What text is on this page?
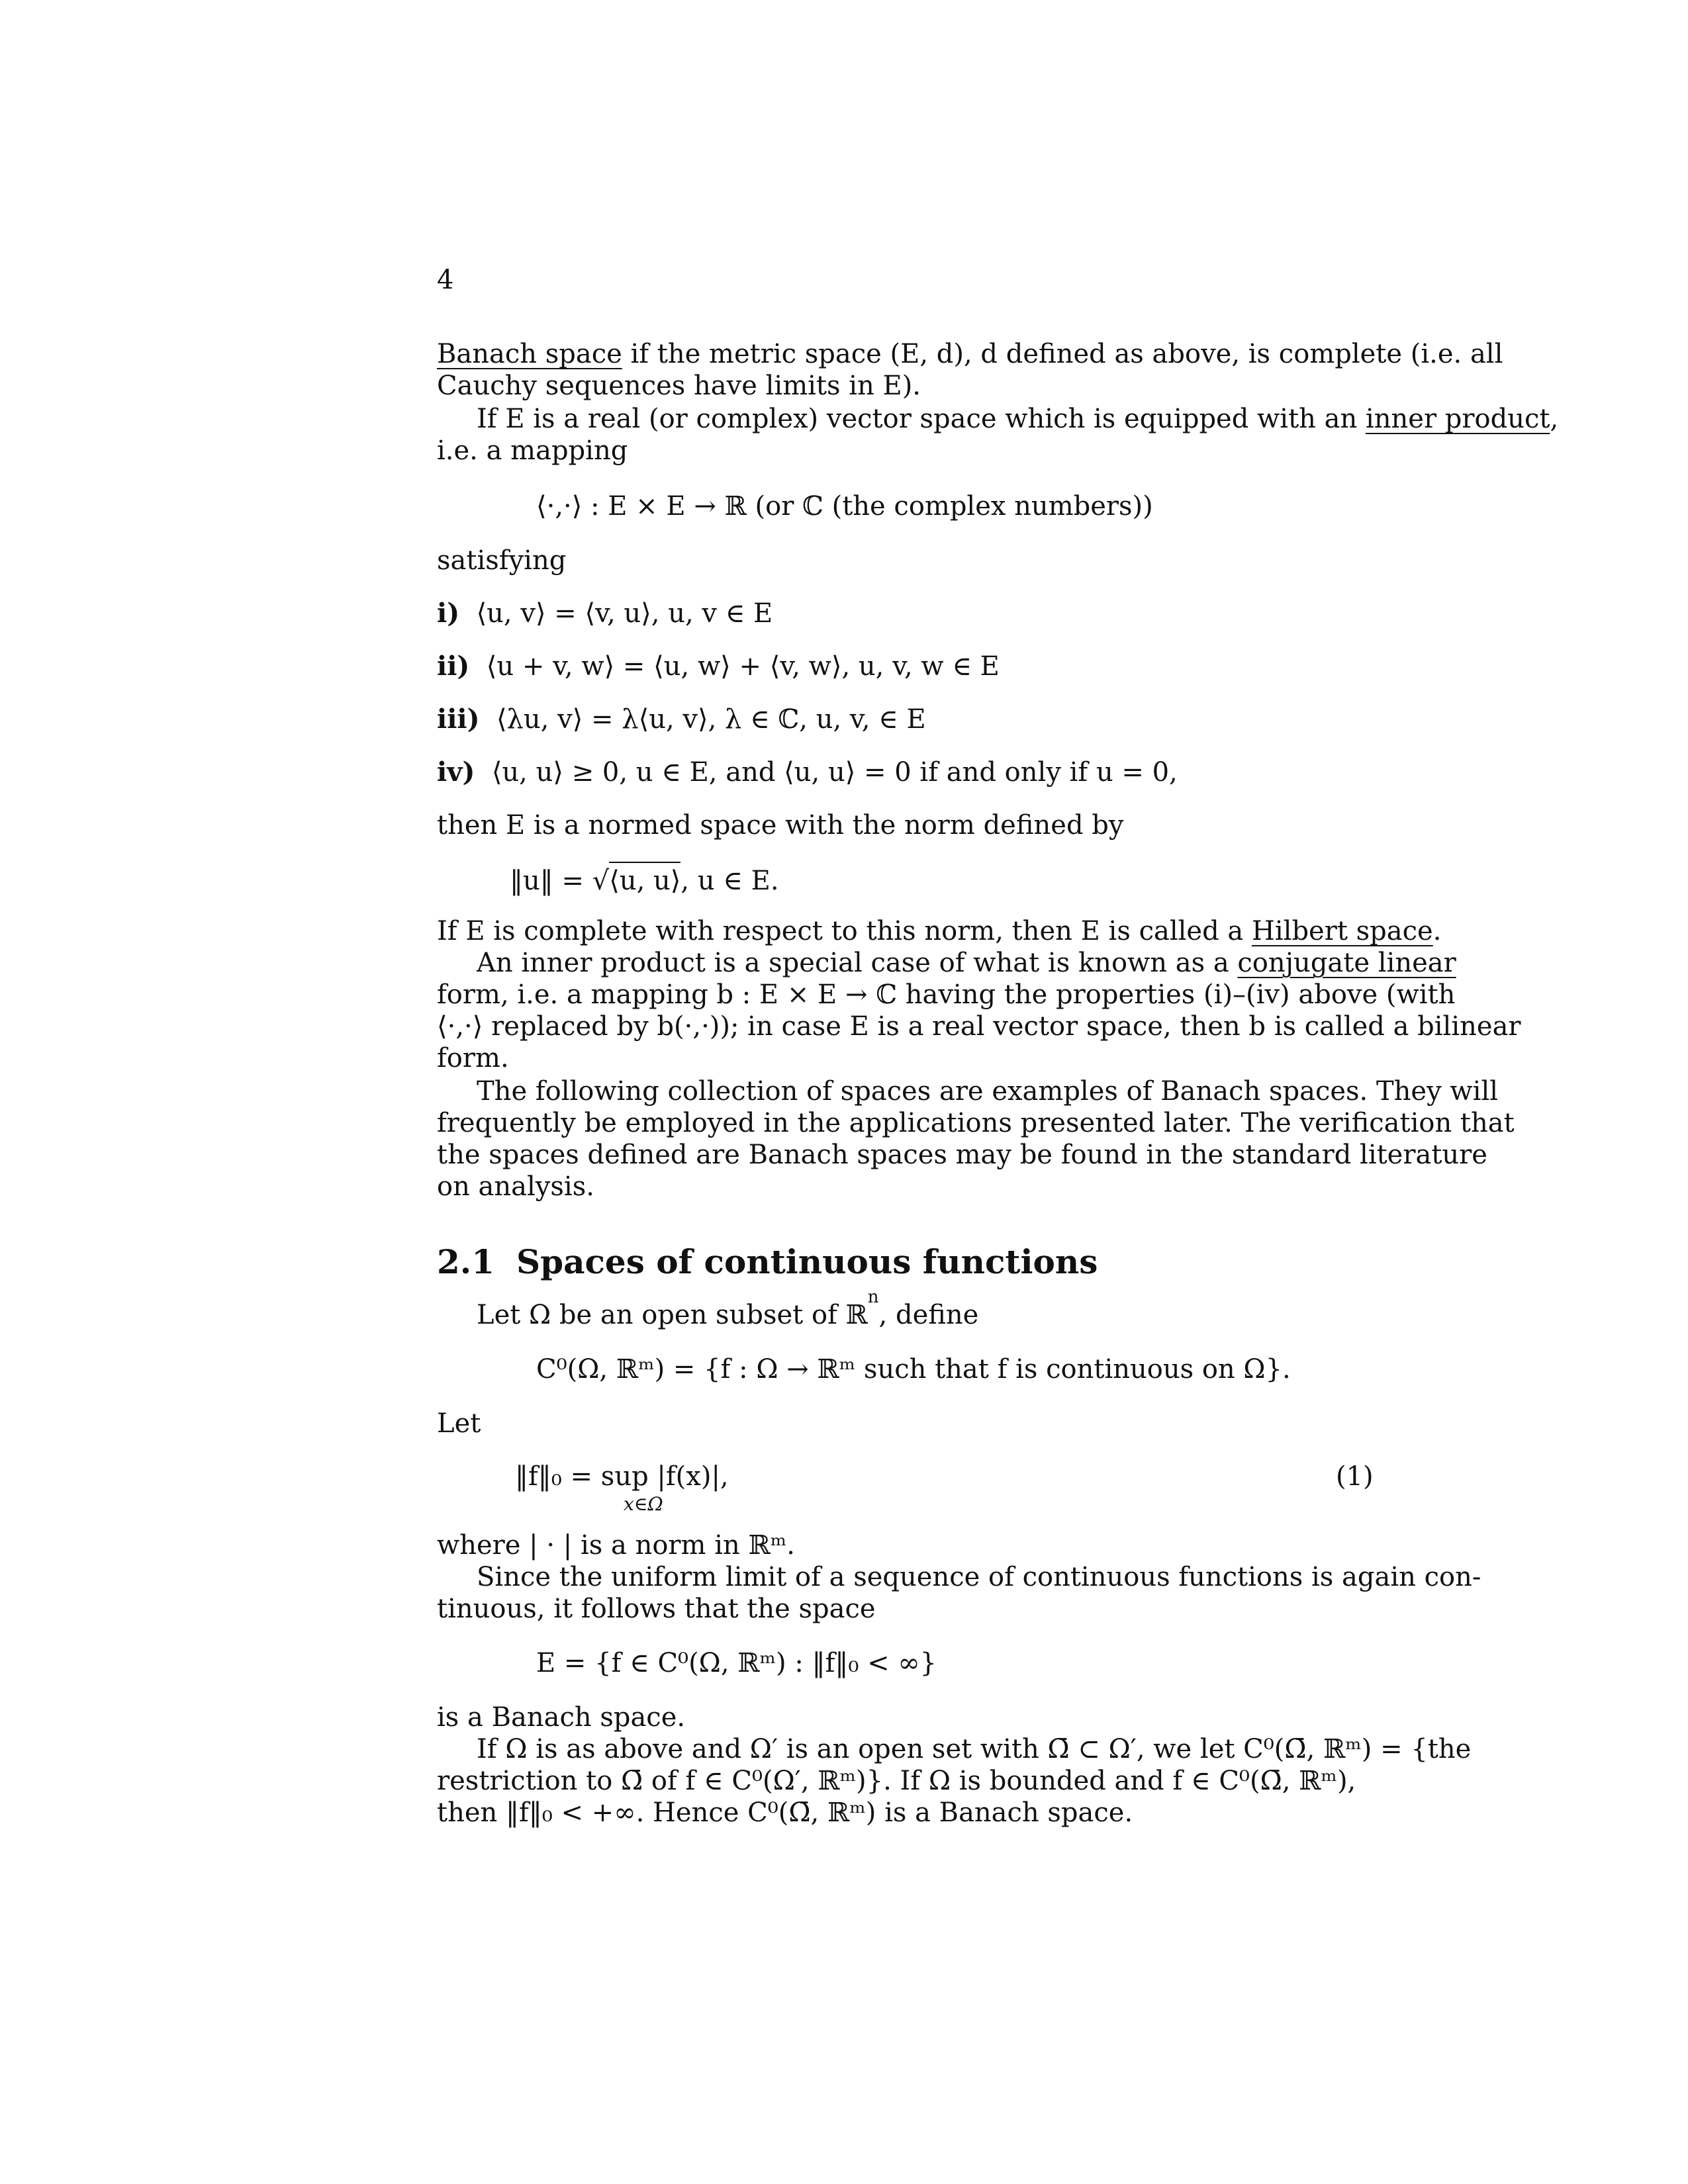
4
Banach space if the metric space (E, d), d defined as above, is complete (i.e. all
Cauchy sequences have limits in E).
If E is a real (or complex) vector space which is equipped with an inner product,
i.e. a mapping
⟨·,·⟩ : E × E → ℝ (or ℂ (the complex numbers))
satisfying
i) ⟨u, v⟩ = ⟨v, u⟩, u, v ∈ E
ii) ⟨u + v, w⟩ = ⟨u, w⟩ + ⟨v, w⟩, u, v, w ∈ E
iii) ⟨λu, v⟩ = λ⟨u, v⟩, λ ∈ ℂ, u, v, ∈ E
iv) ⟨u, u⟩ ≥ 0, u ∈ E, and ⟨u, u⟩ = 0 if and only if u = 0,
then E is a normed space with the norm defined by
‖u‖ = √⟨u, u⟩, u ∈ E.
If E is complete with respect to this norm, then E is called a Hilbert space.
An inner product is a special case of what is known as a conjugate linear
form, i.e. a mapping b : E × E → ℂ having the properties (i)–(iv) above (with
⟨·,·⟩ replaced by b(·,·)); in case E is a real vector space, then b is called a bilinear
form.
The following collection of spaces are examples of Banach spaces. They will
frequently be employed in the applications presented later. The verification that
the spaces defined are Banach spaces may be found in the standard literature
on analysis.
2.1 Spaces of continuous functions
Let Ω be an open subset of ℝ$^n$, define
C⁰(Ω, ℝᵐ) = {f : Ω → ℝᵐ such that f is continuous on Ω}.
Let
‖f‖₀ = sup |f(x)|,
x∈Ω
(1)
where | · | is a norm in ℝᵐ.
Since the uniform limit of a sequence of continuous functions is again con-
tinuous, it follows that the space
E = {f ∈ C⁰(Ω, ℝᵐ) : ‖f‖₀ < ∞}
is a Banach space.
If Ω is as above and Ω′ is an open set with Ω̄ ⊂ Ω′, we let C⁰(Ω̄, ℝᵐ) = {the
restriction to Ω̄ of f ∈ C⁰(Ω′, ℝᵐ)}. If Ω is bounded and f ∈ C⁰(Ω̄, ℝᵐ),
then ‖f‖₀ < +∞. Hence C⁰(Ω̄, ℝᵐ) is a Banach space.
